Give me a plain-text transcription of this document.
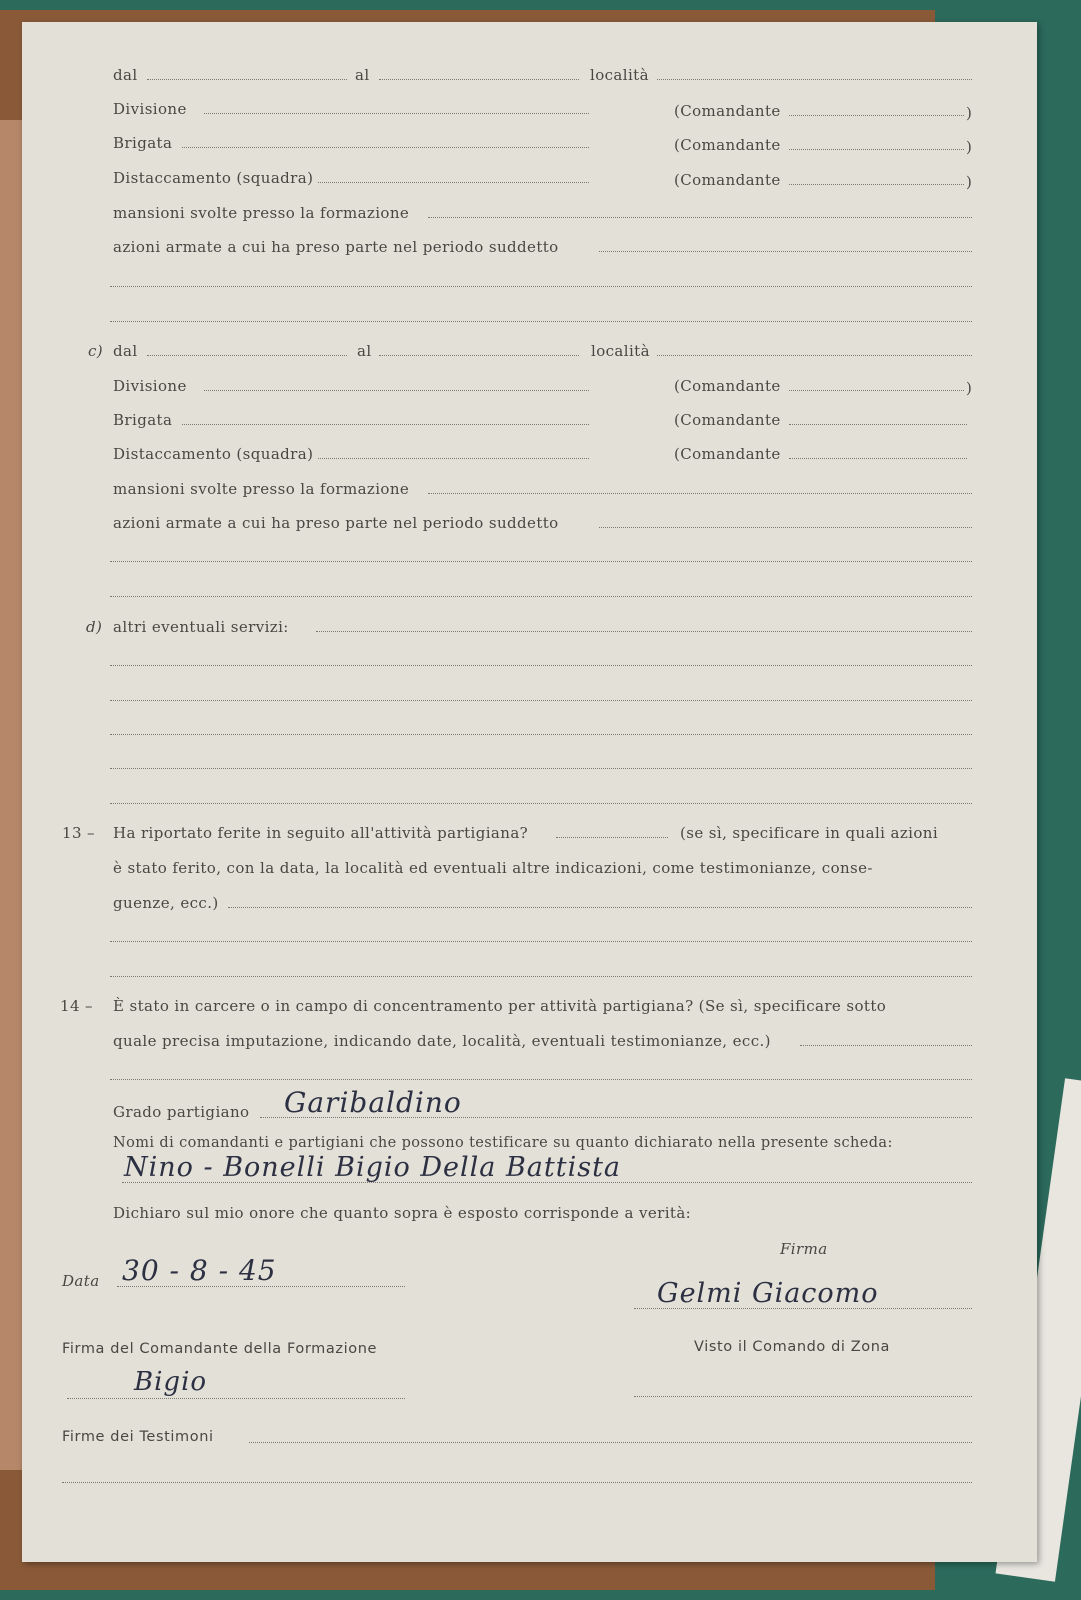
dal	al	località
Divisione	(Comandante	)
Brigata	(Comandante	)
Distaccamento (squadra)	(Comandante	)
mansioni svolte presso la formazione
azioni armate a cui ha preso parte nel periodo suddetto
c) dal	al	località
Divisione	(Comandante	)
Brigata	(Comandante
Distaccamento (squadra)	(Comandante
mansioni svolte presso la formazione
azioni armate a cui ha preso parte nel periodo suddetto
d) altri eventuali servizi:
13 – Ha riportato ferite in seguito all'attività partigiana?	(se sì, specificare in quali azioni
è stato ferito, con la data, la località ed eventuali altre indicazioni, come testimonianze, conse-
guenze, ecc.)
14 – È stato in carcere o in campo di concentramento per attività partigiana? (Se sì, specificare sotto
quale precisa imputazione, indicando date, località, eventuali testimonianze, ecc.)
Grado partigiano Garibaldino
Nomi di comandanti e partigiani che possono testificare su quanto dichiarato nella presente scheda:
Nino - Bonelli Bigio Della Battista
Dichiaro sul mio onore che quanto sopra è esposto corrisponde a verità:
Firma
Data 30 - 8 - 45
Gelmi Giacomo
Firma del Comandante della Formazione	Visto il Comando di Zona
Bigio
Firme dei Testimoni
